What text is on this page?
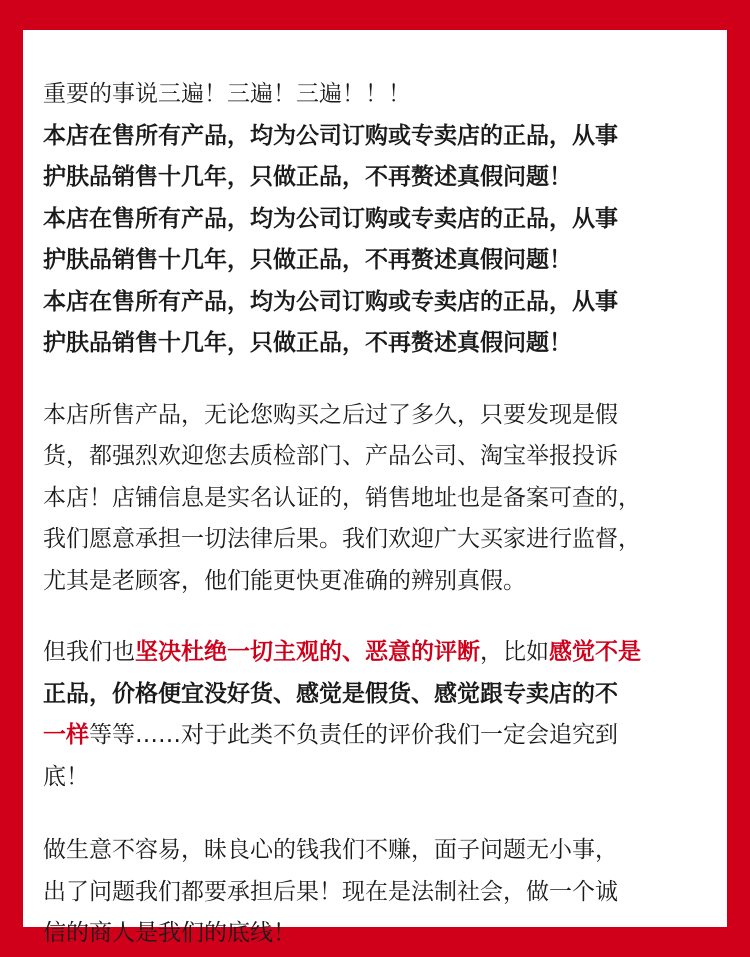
重要的事说三遍！三遍！三遍！！！

本店在售所有产品，均为公司订购或专卖店的正品，从事

护肤品销售十几年，只做正品，不再赘述真假问题！

本店在售所有产品，均为公司订购或专卖店的正品，从事

护肤品销售十几年，只做正品，不再赘述真假问题！

本店在售所有产品，均为公司订购或专卖店的正品，从事

护肤品销售十几年，只做正品，不再赘述真假问题！

本店所售产品，无论您购买之后过了多久，只要发现是假

货，都强烈欢迎您去质检部门、产品公司、淘宝举报投诉

本店！店铺信息是实名认证的，销售地址也是备案可查的，

我们愿意承担一切法律后果。我们欢迎广大买家进行监督，

尤其是老顾客，他们能更快更准确的辨别真假。

但我们也坚决杜绝一切主观的、恶意的评断，比如感觉不是

正品，价格便宜没好货、感觉是假货、感觉跟专卖店的不

一样等等……对于此类不负责任的评价我们一定会追究到

底！

做生意不容易，昧良心的钱我们不赚，面子问题无小事，

出了问题我们都要承担后果！现在是法制社会，做一个诚

信的商人是我们的底线！
